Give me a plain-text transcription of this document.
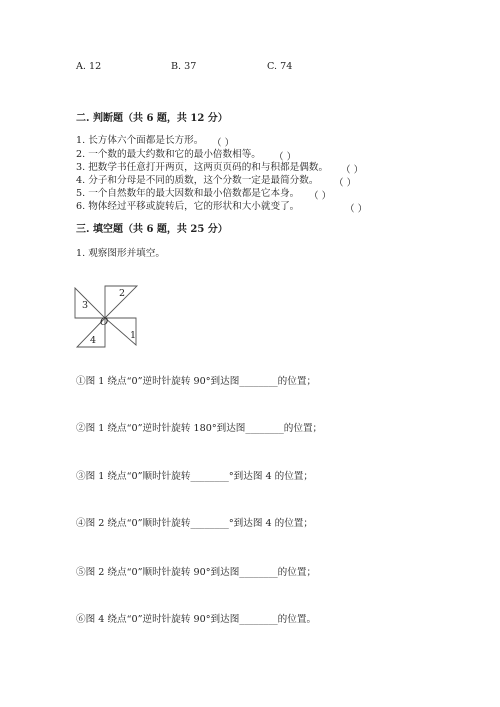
A. 12	B. 37	C. 74
二. 判断题（共 6 题，共 12 分）
1. 长方体六个面都是长方形。 （ ）
2. 一个数的最大约数和它的最小倍数相等。 （ ）
3. 把数学书任意打开两页，这两页页码的和与积都是偶数。 （ ）
4. 分子和分母是不同的质数，这个分数一定是最简分数。 （ ）
5. 一个自然数年的最大因数和最小倍数都是它本身。 （ ）
6. 物体经过平移或旋转后，它的形状和大小就变了。	（ ）
三. 填空题（共 6 题，共 25 分）
1. 观察图形并填空。
2
3
4	1
O
①图 1 绕点“0”逆时针旋转 90°到达图________的位置；
②图 1 绕点“0”逆时针旋转 180°到达图________的位置；
③图 1 绕点“0”顺时针旋转________°到达图 4 的位置；
④图 2 绕点“0”顺时针旋转________°到达图 4 的位置；
⑤图 2 绕点“0”顺时针旋转 90°到达图________的位置；
⑥图 4 绕点“0”逆时针旋转 90°到达图________的位置。
